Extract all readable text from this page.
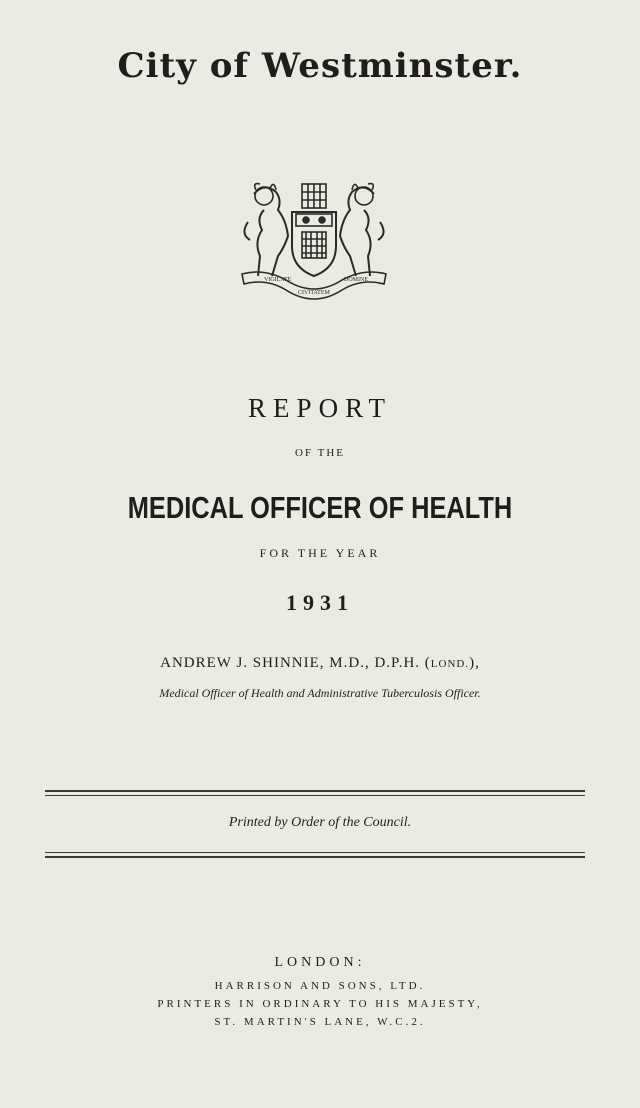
City of Westminster.
VIGILATE
CIVITATEM
DOMINE
REPORT
OF THE
MEDICAL OFFICER OF HEALTH
FOR THE YEAR
1931
ANDREW J. SHINNIE, M.D., D.P.H. (LOND.),
Medical Officer of Health and Administrative Tuberculosis Officer.
Printed by Order of the Council.
LONDON:
HARRISON AND SONS, LTD.
PRINTERS IN ORDINARY TO HIS MAJESTY,
ST. MARTIN'S LANE, W.C.2.
